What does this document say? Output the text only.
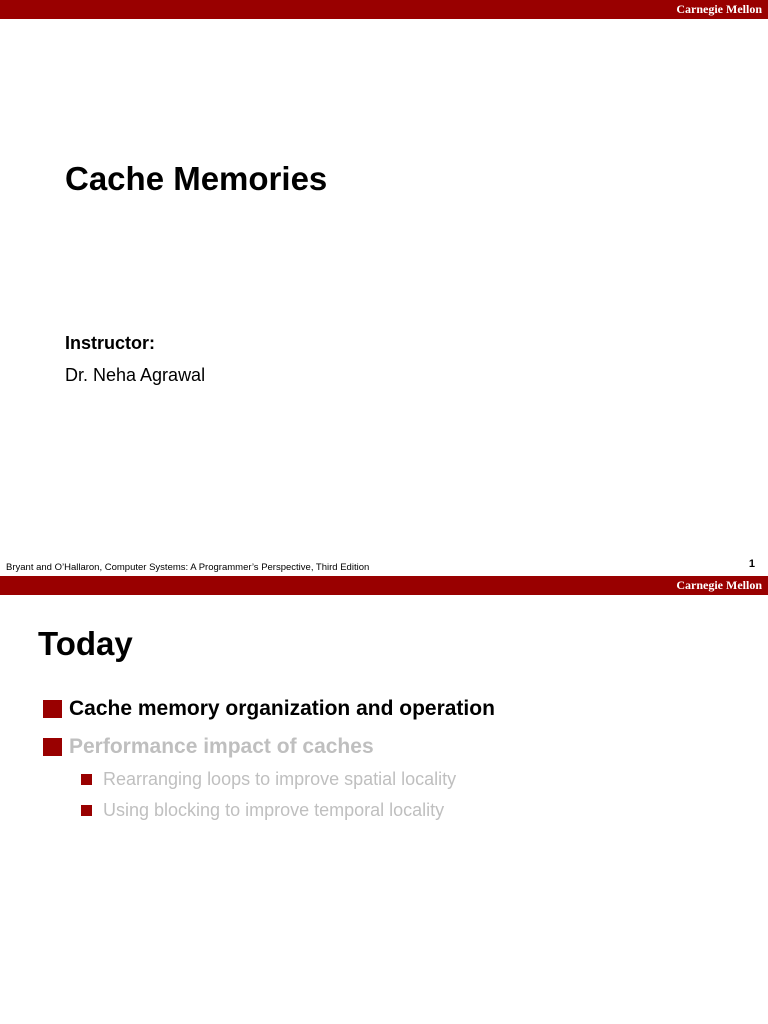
Carnegie Mellon
Cache Memories
Instructor:
Dr. Neha Agrawal
Bryant and O’Hallaron, Computer Systems: A Programmer’s Perspective, Third Edition	1
Carnegie Mellon
Today
Cache memory organization and operation
Performance impact of caches
Rearranging loops to improve spatial locality
Using blocking to improve temporal locality
